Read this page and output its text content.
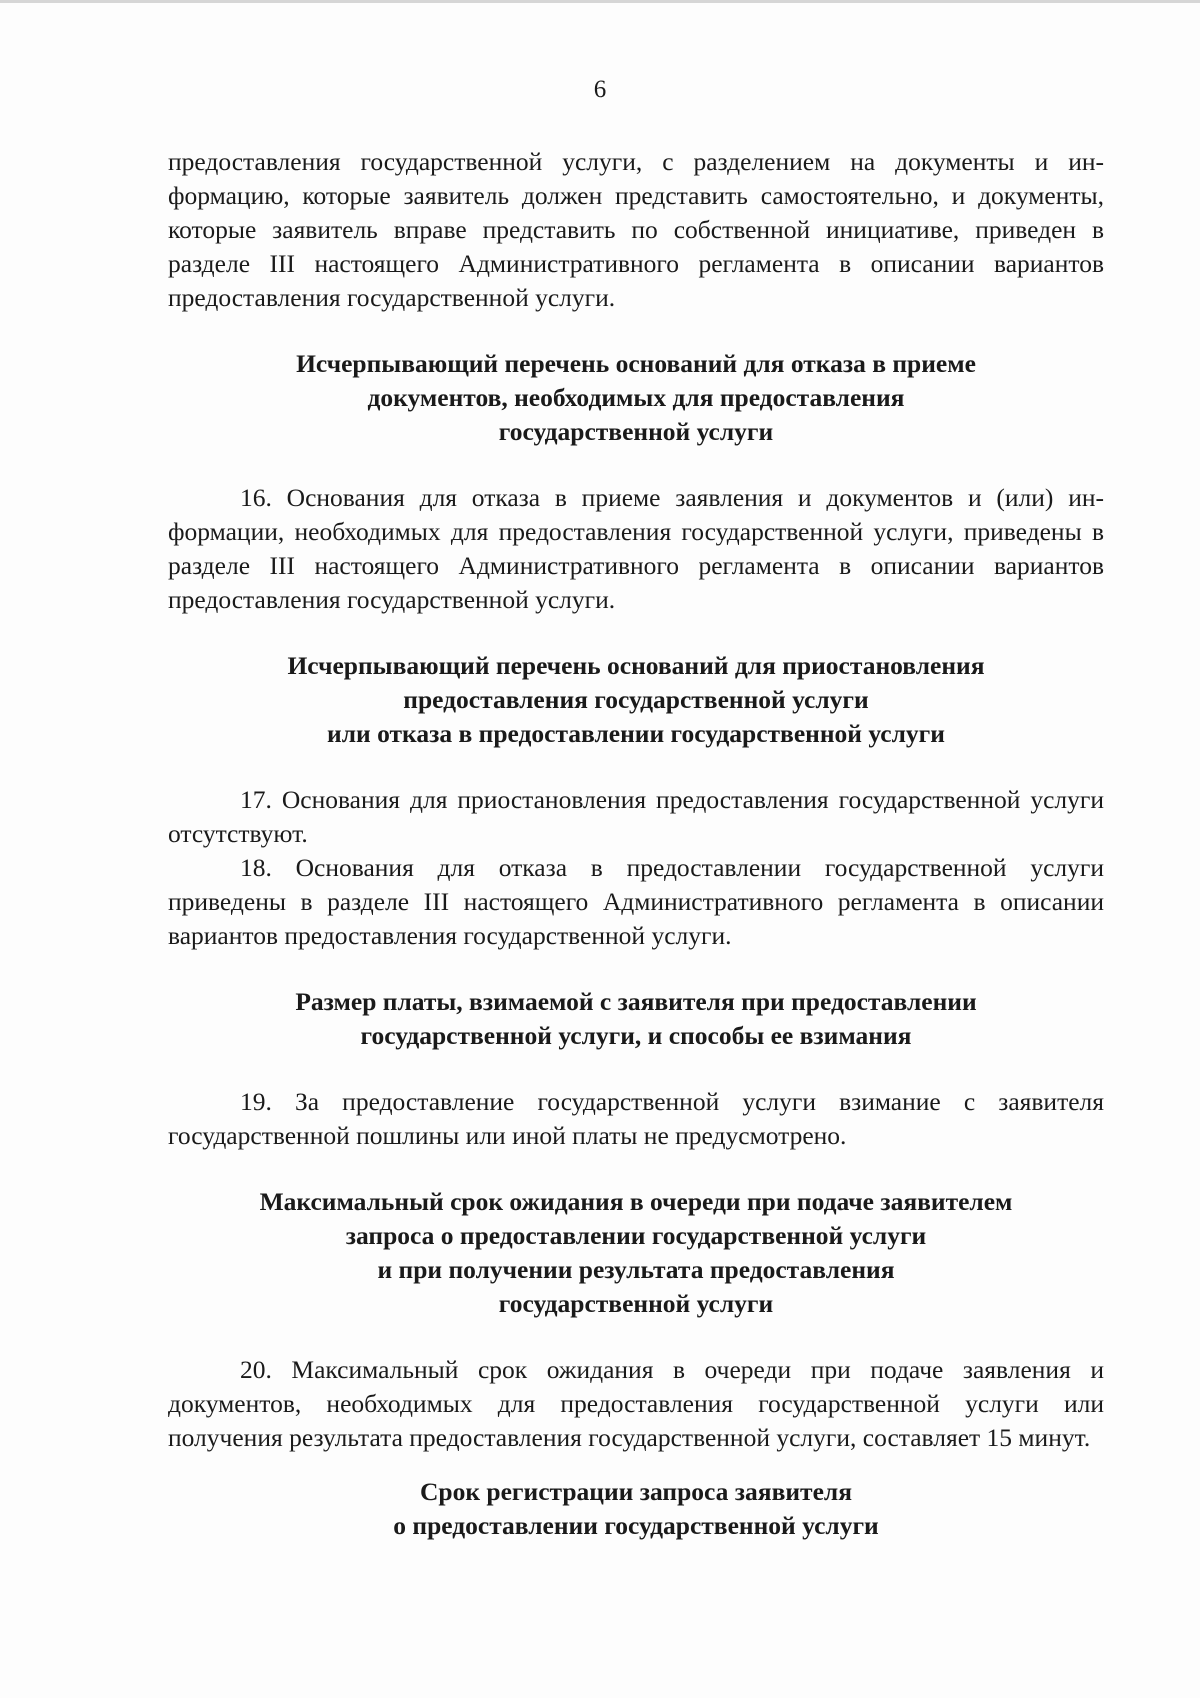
6

предоставления государственной услуги, с разделением на документы и информацию, которые заявитель должен представить самостоятельно, и документы, которые заявитель вправе представить по собственной инициативе, приведен в разделе III настоящего Административного регламента в описании вариантов предоставления государственной услуги.

Исчерпывающий перечень оснований для отказа в приеме
документов, необходимых для предоставления
государственной услуги

16. Основания для отказа в приеме заявления и документов и (или) информации, необходимых для предоставления государственной услуги, приведены в разделе III настоящего Административного регламента в описании вариантов предоставления государственной услуги.

Исчерпывающий перечень оснований для приостановления
предоставления государственной услуги
или отказа в предоставлении государственной услуги

17. Основания для приостановления предоставления государственной услуги отсутствуют.

18. Основания для отказа в предоставлении государственной услуги приведены в разделе III настоящего Административного регламента в описании вариантов предоставления государственной услуги.

Размер платы, взимаемой с заявителя при предоставлении
государственной услуги, и способы ее взимания

19. За предоставление государственной услуги взимание с заявителя государственной пошлины или иной платы не предусмотрено.

Максимальный срок ожидания в очереди при подаче заявителем
запроса о предоставлении государственной услуги
и при получении результата предоставления
государственной услуги

20. Максимальный срок ожидания в очереди при подаче заявления и документов, необходимых для предоставления государственной услуги или получения результата предоставления государственной услуги, составляет 15 минут.

Срок регистрации запроса заявителя
о предоставлении государственной услуги
